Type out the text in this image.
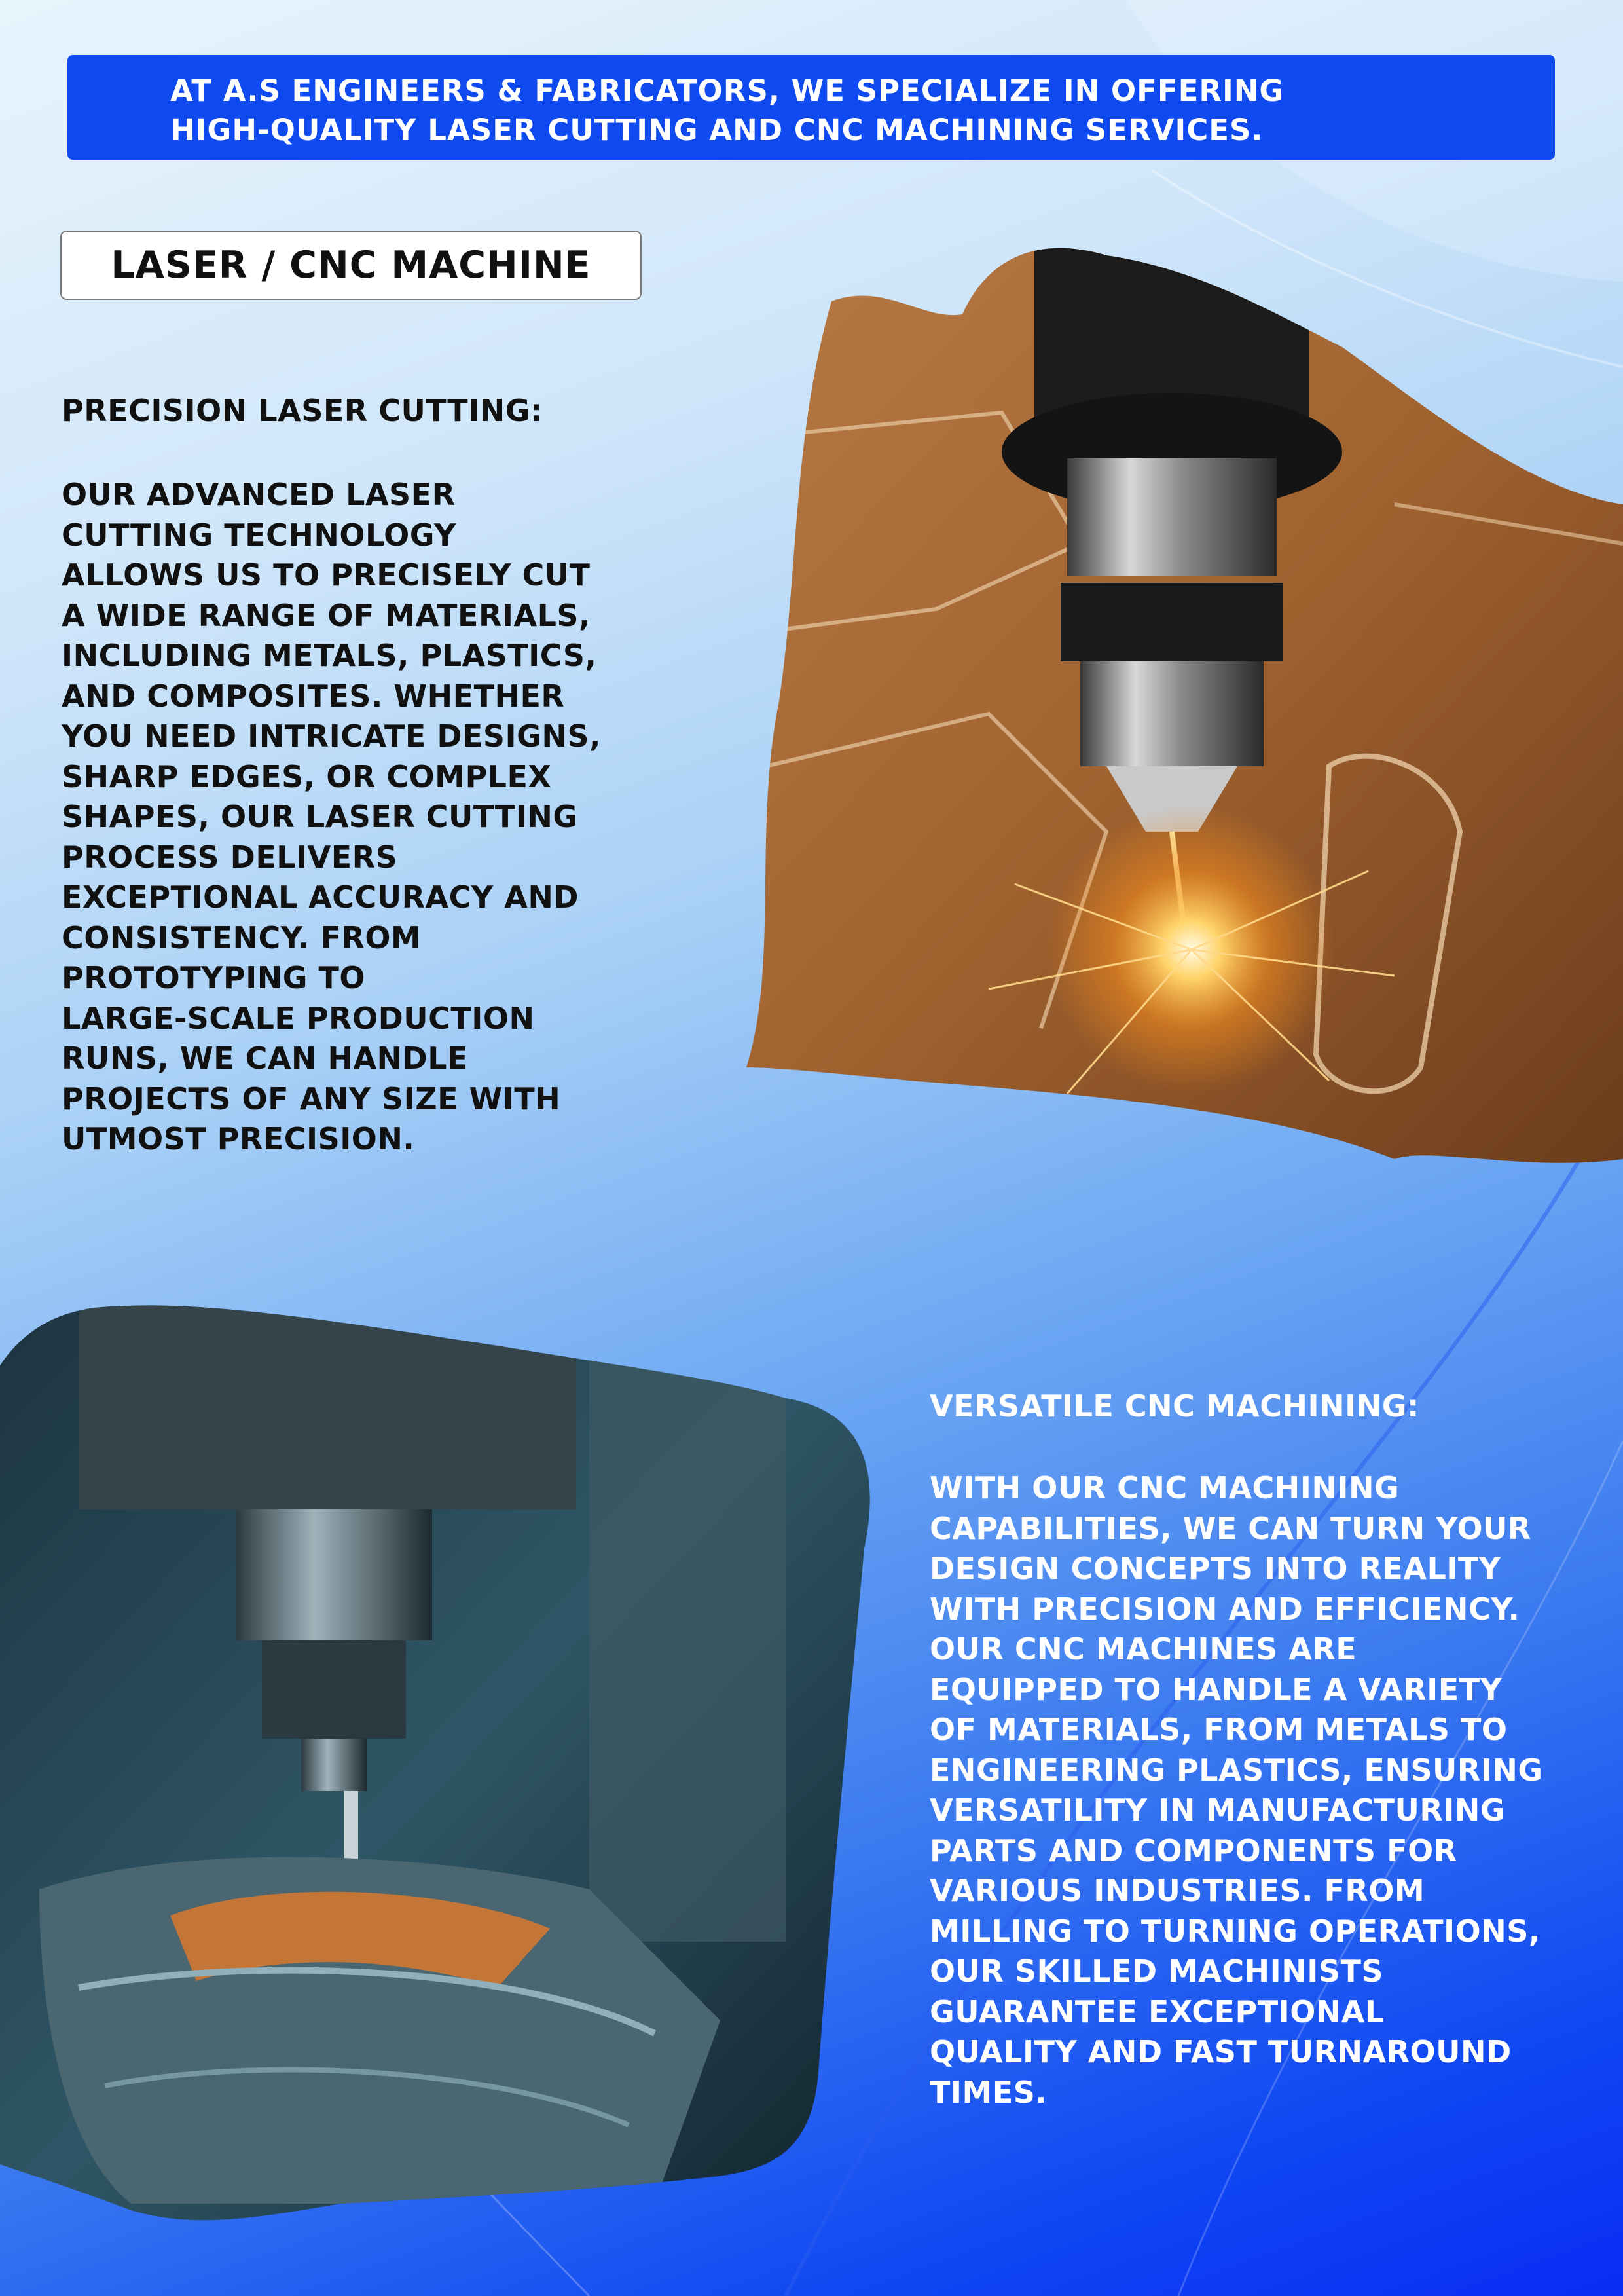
AT A.S ENGINEERS & FABRICATORS, WE SPECIALIZE IN OFFERING
HIGH-QUALITY LASER CUTTING AND CNC MACHINING SERVICES.
LASER / CNC MACHINE
PRECISION LASER CUTTING:
OUR ADVANCED LASER
CUTTING TECHNOLOGY
ALLOWS US TO PRECISELY CUT
A WIDE RANGE OF MATERIALS,
INCLUDING METALS, PLASTICS,
AND COMPOSITES. WHETHER
YOU NEED INTRICATE DESIGNS,
SHARP EDGES, OR COMPLEX
SHAPES, OUR LASER CUTTING
PROCESS DELIVERS
EXCEPTIONAL ACCURACY AND
CONSISTENCY. FROM
PROTOTYPING TO
LARGE-SCALE PRODUCTION
RUNS, WE CAN HANDLE
PROJECTS OF ANY SIZE WITH
UTMOST PRECISION.
VERSATILE CNC MACHINING:
WITH OUR CNC MACHINING
CAPABILITIES, WE CAN TURN YOUR
DESIGN CONCEPTS INTO REALITY
WITH PRECISION AND EFFICIENCY.
OUR CNC MACHINES ARE
EQUIPPED TO HANDLE A VARIETY
OF MATERIALS, FROM METALS TO
ENGINEERING PLASTICS, ENSURING
VERSATILITY IN MANUFACTURING
PARTS AND COMPONENTS FOR
VARIOUS INDUSTRIES. FROM
MILLING TO TURNING OPERATIONS,
OUR SKILLED MACHINISTS
GUARANTEE EXCEPTIONAL
QUALITY AND FAST TURNAROUND
TIMES.
